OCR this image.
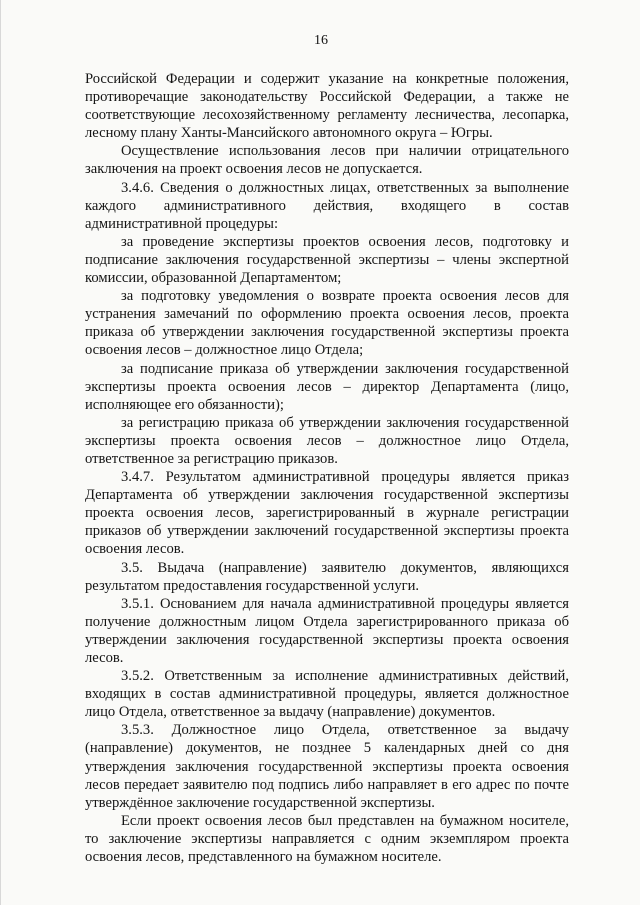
16

Российской Федерации и содержит указание на конкретные положения, противоречащие законодательству Российской Федерации, а также не соответствующие лесохозяйственному регламенту лесничества, лесопарка, лесному плану Ханты-Мансийского автономного округа – Югры.

Осуществление использования лесов при наличии отрицательного заключения на проект освоения лесов не допускается.

3.4.6. Сведения о должностных лицах, ответственных за выполнение каждого административного действия, входящего в состав административной процедуры:

за проведение экспертизы проектов освоения лесов, подготовку и подписание заключения государственной экспертизы – члены экспертной комиссии, образованной Департаментом;

за подготовку уведомления о возврате проекта освоения лесов для устранения замечаний по оформлению проекта освоения лесов, проекта приказа об утверждении заключения государственной экспертизы проекта освоения лесов – должностное лицо Отдела;

за подписание приказа об утверждении заключения государственной экспертизы проекта освоения лесов – директор Департамента (лицо, исполняющее его обязанности);

за регистрацию приказа об утверждении заключения государственной экспертизы проекта освоения лесов – должностное лицо Отдела, ответственное за регистрацию приказов.

3.4.7. Результатом административной процедуры является приказ Департамента об утверждении заключения государственной экспертизы проекта освоения лесов, зарегистрированный в журнале регистрации приказов об утверждении заключений государственной экспертизы проекта освоения лесов.

3.5. Выдача (направление) заявителю документов, являющихся результатом предоставления государственной услуги.

3.5.1. Основанием для начала административной процедуры является получение должностным лицом Отдела зарегистрированного приказа об утверждении заключения государственной экспертизы проекта освоения лесов.

3.5.2. Ответственным за исполнение административных действий, входящих в состав административной процедуры, является должностное лицо Отдела, ответственное за выдачу (направление) документов.

3.5.3. Должностное лицо Отдела, ответственное за выдачу (направление) документов, не позднее 5 календарных дней со дня утверждения заключения государственной экспертизы проекта освоения лесов передает заявителю под подпись либо направляет в его адрес по почте утверждённое заключение государственной экспертизы.

Если проект освоения лесов был представлен на бумажном носителе, то заключение экспертизы направляется с одним экземпляром проекта освоения лесов, представленного на бумажном носителе.
